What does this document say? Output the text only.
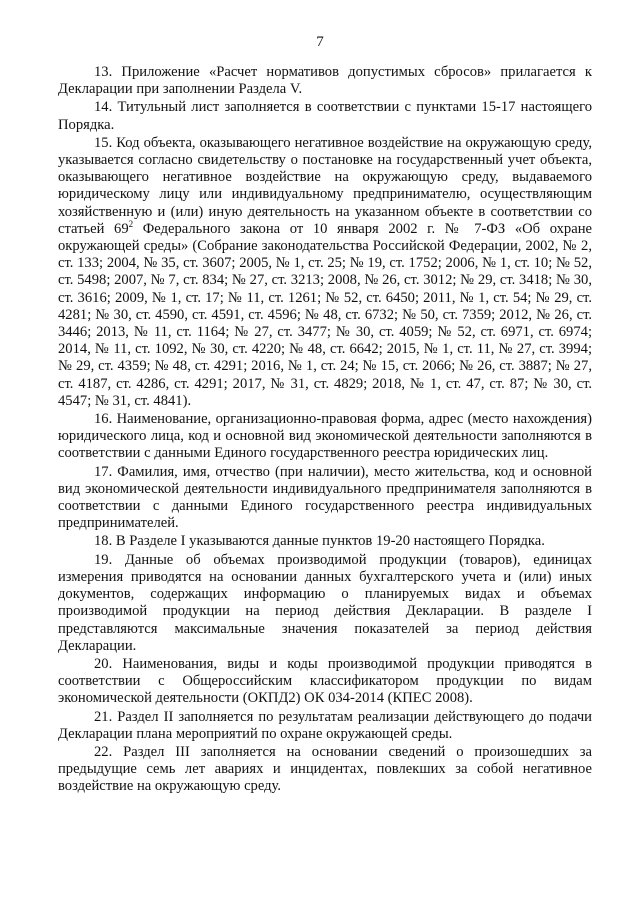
7

13. Приложение «Расчет нормативов допустимых сбросов» прилагается к Декларации при заполнении Раздела V.

14. Титульный лист заполняется в соответствии с пунктами 15-17 настоящего Порядка.

15. Код объекта, оказывающего негативное воздействие на окружающую среду, указывается согласно свидетельству о постановке на государственный учет объекта, оказывающего негативное воздействие на окружающую среду, выдаваемого юридическому лицу или индивидуальному предпринимателю, осуществляющим хозяйственную и (или) иную деятельность на указанном объекте в соответствии со статьей $69^2$ Федерального закона от 10 января 2002 г. № 7-ФЗ «Об охране окружающей среды» (Собрание законодательства Российской Федерации, 2002, № 2, ст. 133; 2004, № 35, ст. 3607; 2005, № 1, ст. 25; № 19, ст. 1752; 2006, № 1, ст. 10; № 52, ст. 5498; 2007, № 7, ст. 834; № 27, ст. 3213; 2008, № 26, ст. 3012; № 29, ст. 3418; № 30, ст. 3616; 2009, № 1, ст. 17; № 11, ст. 1261; № 52, ст. 6450; 2011, № 1, ст. 54; № 29, ст. 4281; № 30, ст. 4590, ст. 4591, ст. 4596; № 48, ст. 6732; № 50, ст. 7359; 2012, № 26, ст. 3446; 2013, № 11, ст. 1164; № 27, ст. 3477; № 30, ст. 4059; № 52, ст. 6971, ст. 6974; 2014, № 11, ст. 1092, № 30, ст. 4220; № 48, ст. 6642; 2015, № 1, ст. 11, № 27, ст. 3994; № 29, ст. 4359; № 48, ст. 4291; 2016, № 1, ст. 24; № 15, ст. 2066; № 26, ст. 3887; № 27, ст. 4187, ст. 4286, ст. 4291; 2017, № 31, ст. 4829; 2018, № 1, ст. 47, ст. 87; № 30, ст. 4547; № 31, ст. 4841).

16. Наименование, организационно-правовая форма, адрес (место нахождения) юридического лица, код и основной вид экономической деятельности заполняются в соответствии с данными Единого государственного реестра юридических лиц.

17. Фамилия, имя, отчество (при наличии), место жительства, код и основной вид экономической деятельности индивидуального предпринимателя заполняются в соответствии с данными Единого государственного реестра индивидуальных предпринимателей.

18. В Разделе I указываются данные пунктов 19-20 настоящего Порядка.

19. Данные об объемах производимой продукции (товаров), единицах измерения приводятся на основании данных бухгалтерского учета и (или) иных документов, содержащих информацию о планируемых видах и объемах производимой продукции на период действия Декларации. В разделе I представляются максимальные значения показателей за период действия Декларации.

20. Наименования, виды и коды производимой продукции приводятся в соответствии с Общероссийским классификатором продукции по видам экономической деятельности (ОКПД2) ОК 034-2014 (КПЕС 2008).

21. Раздел II заполняется по результатам реализации действующего до подачи Декларации плана мероприятий по охране окружающей среды.

22. Раздел III заполняется на основании сведений о произошедших за предыдущие семь лет авариях и инцидентах, повлекших за собой негативное воздействие на окружающую среду.
